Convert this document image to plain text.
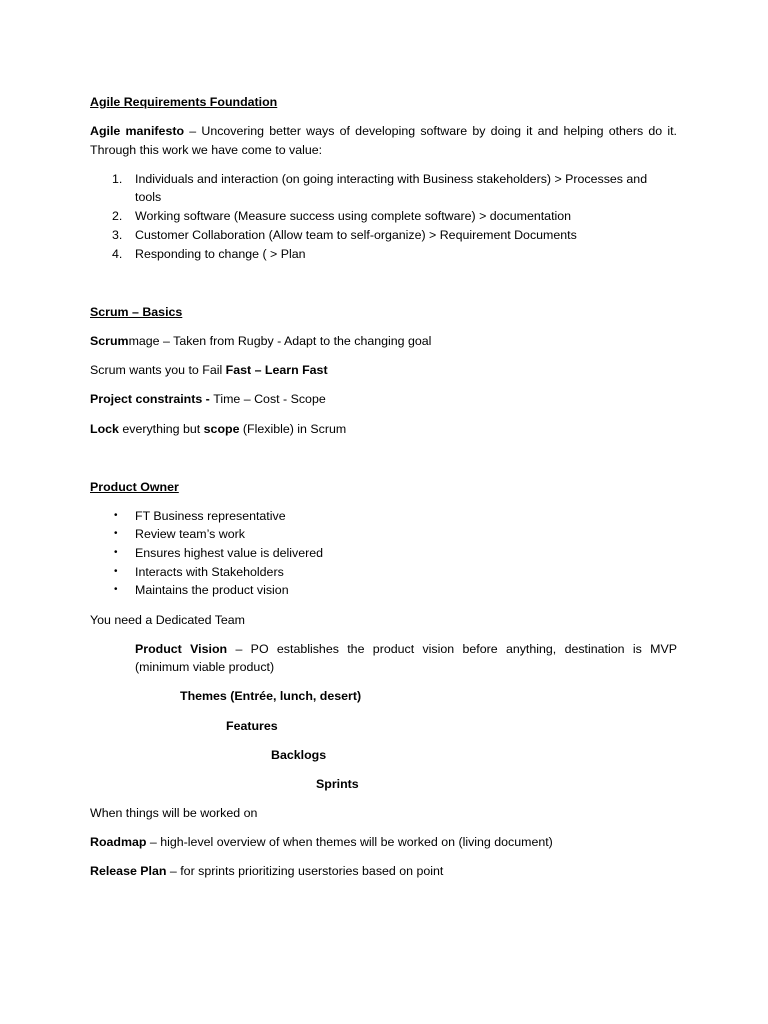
Agile Requirements Foundation
Agile manifesto – Uncovering better ways of developing software by doing it and helping others do it.
Through this work we have come to value:
1. Individuals and interaction (on going interacting with Business stakeholders) > Processes and
tools
2. Working software (Measure success using complete software) > documentation
3. Customer Collaboration (Allow team to self-organize) > Requirement Documents
4. Responding to change ( > Plan
Scrum – Basics
Scrummage – Taken from Rugby - Adapt to the changing goal
Scrum wants you to Fail Fast – Learn Fast
Project constraints - Time – Cost - Scope
Lock everything but scope (Flexible) in Scrum
Product Owner
• FT Business representative
• Review team’s work
• Ensures highest value is delivered
• Interacts with Stakeholders
• Maintains the product vision
You need a Dedicated Team
Product Vision – PO establishes the product vision before anything, destination is MVP
(minimum viable product)
Themes (Entrée, lunch, desert)
Features
Backlogs
Sprints
When things will be worked on
Roadmap – high-level overview of when themes will be worked on (living document)
Release Plan – for sprints prioritizing userstories based on point
